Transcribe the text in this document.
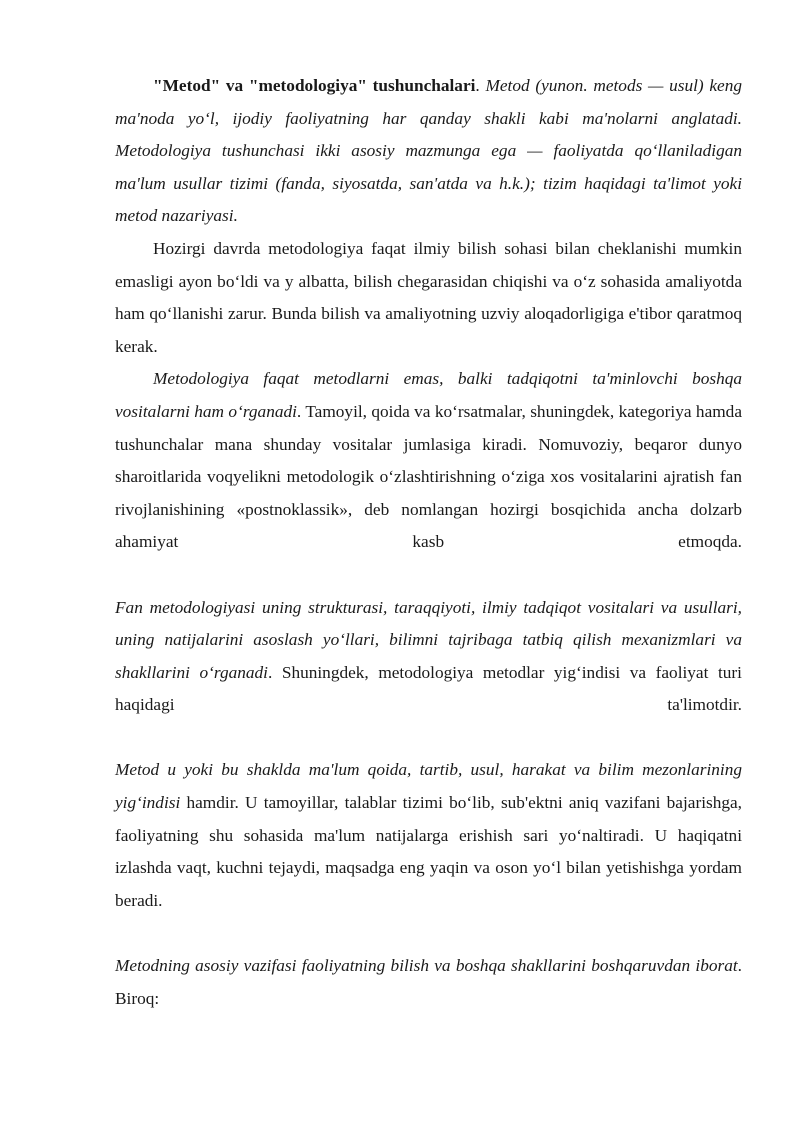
"Metod" va "metodologiya" tushunchalari. Metod (yunon. metods — usul) keng ma'noda yo‘l, ijodiy faoliyatning har qanday shakli kabi ma'nolarni anglatadi. Metodologiya tushunchasi ikki asosiy mazmunga ega — faoliyatda qo‘llaniladigan ma'lum usullar tizimi (fanda, siyosatda, san'atda va h.k.); tizim haqidagi ta'limot yoki metod nazariyasi.

Hozirgi davrda metodologiya faqat ilmiy bilish sohasi bilan cheklanishi mumkin emasligi ayon bo‘ldi va y albatta, bilish chegarasidan chiqishi va o‘z sohasida amaliyotda ham qo‘llanishi zarur. Bunda bilish va amaliyotning uzviy aloqadorligiga e'tibor qaratmoq kerak.

Metodologiya faqat metodlarni emas, balki tadqiqotni ta'minlovchi boshqa vositalarni ham o‘rganadi. Tamoyil, qoida va ko‘rsatmalar, shuningdek, kategoriya hamda tushunchalar mana shunday vositalar jumlasiga kiradi. Nomuvoziy, beqaror dunyo sharoitlarida voqyelikni metodologik o‘zlashtirishning o‘ziga xos vositalarini ajratish fan rivojlanishining «postnoklassik», deb nomlangan hozirgi bosqichida ancha dolzarb ahamiyat kasb etmoqda.

Fan metodologiyasi uning strukturasi, taraqqiyoti, ilmiy tadqiqot vositalari va usullari, uning natijalarini asoslash yo‘llari, bilimni tajribaga tatbiq qilish mexanizmlari va shakllarini o‘rganadi. Shuningdek, metodologiya metodlar yig‘indisi va faoliyat turi haqidagi ta'limotdir.

Metod u yoki bu shaklda ma'lum qoida, tartib, usul, harakat va bilim mezonlarining yig‘indisi hamdir. U tamoyillar, talablar tizimi bo‘lib, sub'ektni aniq vazifani bajarishga, faoliyatning shu sohasida ma'lum natijalarga erishish sari yo‘naltiradi. U haqiqatni izlashda vaqt, kuchni tejaydi, maqsadga eng yaqin va oson yo‘l bilan yetishishga yordam beradi.

Metodning asosiy vazifasi faoliyatning bilish va boshqa shakllarini boshqaruvdan iborat. Biroq:
